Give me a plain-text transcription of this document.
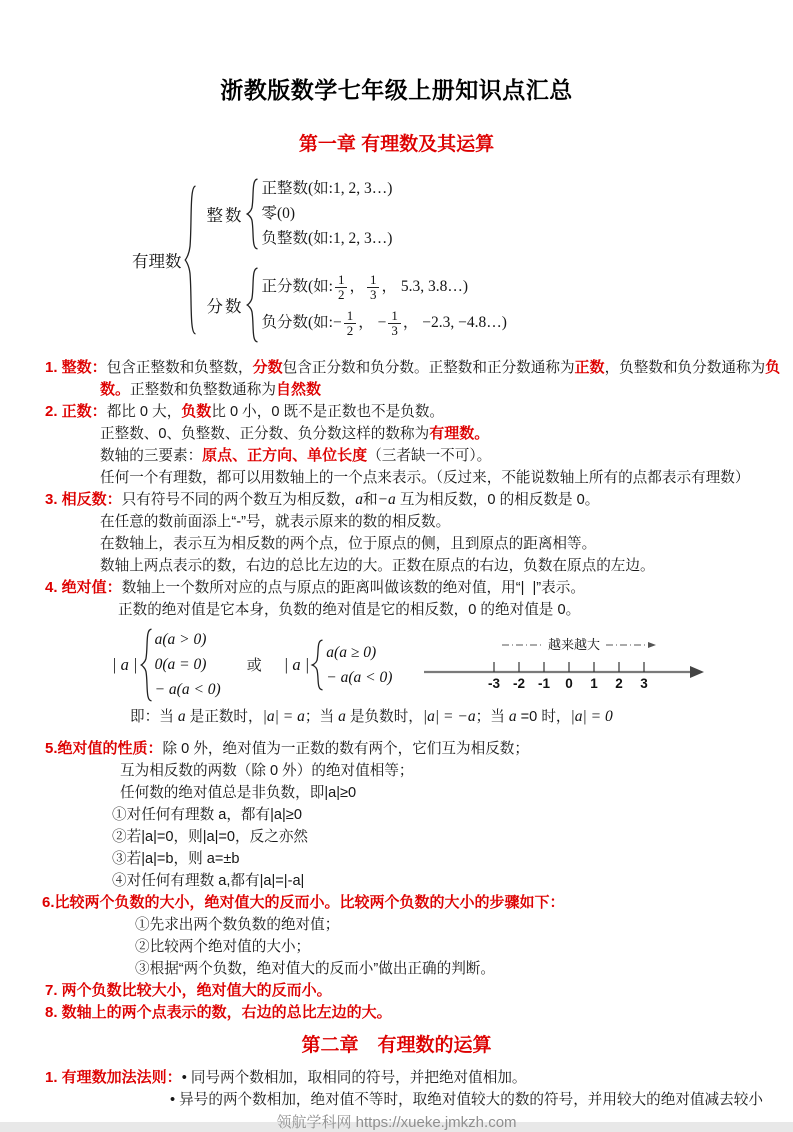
浙教版数学七年级上册知识点汇总
第一章 有理数及其运算
有理数
整数
正整数(如:1, 2, 3…)
零(0)
负整数(如:1, 2, 3…)
分数
正分数(如: $\frac{1}{2}$ ， $\frac{1}{3}$ ， 5.3, 3.8…)
负分数(如:− $\frac{1}{2}$ ， − $\frac{1}{3}$ ， −2.3, −4.8…)
1. 整数：包含正整数和负整数，分数包含正分数和负分数。正整数和正分数通称为正数，负整数和负分数通称为负
数。正整数和负整数通称为自然数
2. 正数：都比 0 大，负数比 0 小，0 既不是正数也不是负数。
正整数、0、负整数、正分数、负分数这样的数称为有理数。
数轴的三要素：原点、正方向、单位长度（三者缺一不可）。
任何一个有理数，都可以用数轴上的一个点来表示。（反过来，不能说数轴上所有的点都表示有理数）
3. 相反数：只有符号不同的两个数互为相反数，a和−a 互为相反数，0 的相反数是 0。
在任意的数前面添上“-”号，就表示原来的数的相反数。
在数轴上，表示互为相反数的两个点，位于原点的侧，且到原点的距离相等。
数轴上两点表示的数，右边的总比左边的大。正数在原点的右边，负数在原点的左边。
4. 绝对值：数轴上一个数所对应的点与原点的距离叫做该数的绝对值，用“|  |”表示。
正数的绝对值是它本身，负数的绝对值是它的相反数，0 的绝对值是 0。
| a |
a(a > 0)
0(a = 0)
− a(a < 0)
或 | a |
a(a ≥ 0)
− a(a < 0)	-3 -2 -1 0 1 2 3
越来越大
即：当 a 是正数时，|a| = a；当 a 是负数时，|a| = −a；当 a =0 时，|a| = 0
5.绝对值的性质：除 0 外，绝对值为一正数的数有两个，它们互为相反数；
互为相反数的两数（除 0 外）的绝对值相等；
任何数的绝对值总是非负数，即|a|≥0
①对任何有理数 a，都有|a|≥0
②若|a|=0，则|a|=0，反之亦然
③若|a|=b，则 a=±b
④对任何有理数 a,都有|a|=|-a|
6.比较两个负数的大小，绝对值大的反而小。比较两个负数的大小的步骤如下：
①先求出两个数负数的绝对值；
②比较两个绝对值的大小；
③根据“两个负数，绝对值大的反而小”做出正确的判断。
7. 两个负数比较大小，绝对值大的反而小。
8. 数轴上的两个点表示的数，右边的总比左边的大。
第二章　有理数的运算
1. 有理数加法法则：• 同号两个数相加，取相同的符号，并把绝对值相加。
• 异号的两个数相加，绝对值不等时，取绝对值较大的数的符号，并用较大的绝对值减去较小
领航学科网 https://xueke.jmkzh.com
